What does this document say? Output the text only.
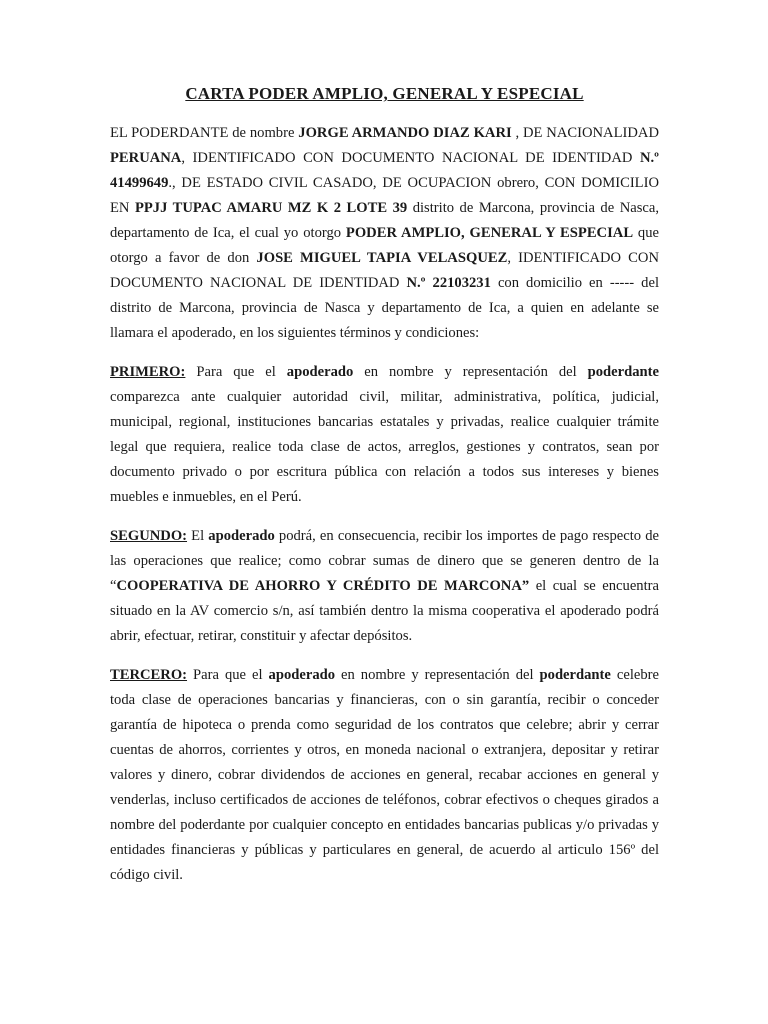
CARTA PODER AMPLIO, GENERAL Y ESPECIAL

EL PODERDANTE de nombre JORGE ARMANDO DIAZ KARI , DE NACIONALIDAD PERUANA, IDENTIFICADO CON DOCUMENTO NACIONAL DE IDENTIDAD N.º 41499649., DE ESTADO CIVIL CASADO, DE OCUPACION obrero, CON DOMICILIO EN PPJJ TUPAC AMARU MZ K 2 LOTE 39 distrito de Marcona, provincia de Nasca, departamento de Ica, el cual yo otorgo PODER AMPLIO, GENERAL Y ESPECIAL que otorgo a favor de don JOSE MIGUEL TAPIA VELASQUEZ, IDENTIFICADO CON DOCUMENTO NACIONAL DE IDENTIDAD N.º 22103231 con domicilio en ----- del distrito de Marcona, provincia de Nasca y departamento de Ica, a quien en adelante se llamara el apoderado, en los siguientes términos y condiciones:

PRIMERO: Para que el apoderado en nombre y representación del poderdante comparezca ante cualquier autoridad civil, militar, administrativa, política, judicial, municipal, regional, instituciones bancarias estatales y privadas, realice cualquier trámite legal que requiera, realice toda clase de actos, arreglos, gestiones y contratos, sean por documento privado o por escritura pública con relación a todos sus intereses y bienes muebles e inmuebles, en el Perú.

SEGUNDO: El apoderado podrá, en consecuencia, recibir los importes de pago respecto de las operaciones que realice; como cobrar sumas de dinero que se generen dentro de la “COOPERATIVA DE AHORRO Y CRÉDITO DE MARCONA” el cual se encuentra situado en la AV comercio s/n, así también dentro la misma cooperativa el apoderado podrá abrir, efectuar, retirar, constituir y afectar depósitos.

TERCERO: Para que el apoderado en nombre y representación del poderdante celebre toda clase de operaciones bancarias y financieras, con o sin garantía, recibir o conceder garantía de hipoteca o prenda como seguridad de los contratos que celebre; abrir y cerrar cuentas de ahorros, corrientes y otros, en moneda nacional o extranjera, depositar y retirar valores y dinero, cobrar dividendos de acciones en general, recabar acciones en general y venderlas, incluso certificados de acciones de teléfonos, cobrar efectivos o cheques girados a nombre del poderdante por cualquier concepto en entidades bancarias publicas y/o privadas y entidades financieras y públicas y particulares en general, de acuerdo al articulo 156º del código civil.
